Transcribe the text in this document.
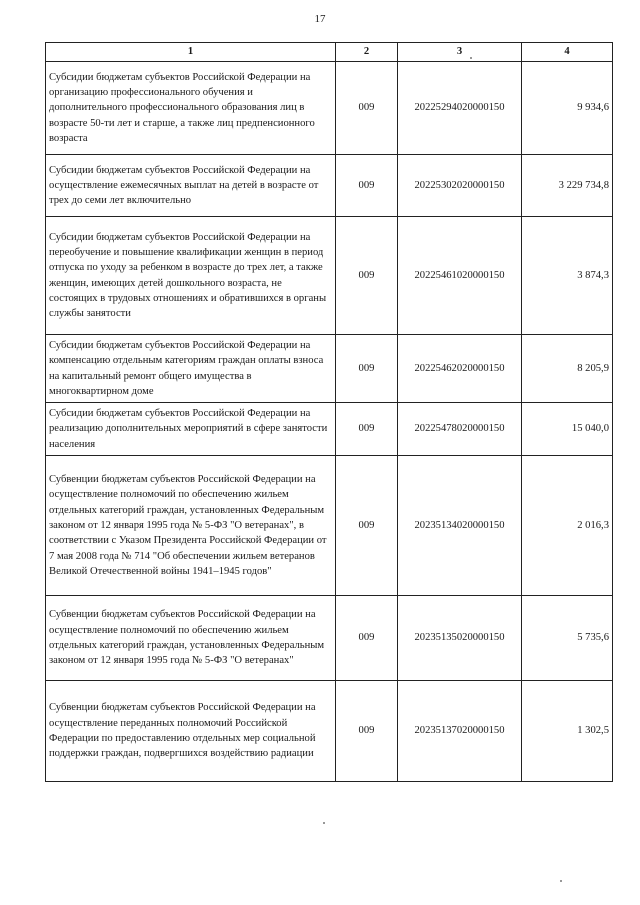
17
1	2	3	4
Субсидии бюджетам субъектов Российской Федерации на организацию профессионального обучения и дополнительного профессионального образования лиц в возрасте 50-ти лет и старше, а также лиц предпенсионного возраста	009	20225294020000150	9 934,6
Субсидии бюджетам субъектов Российской Федерации на осуществление ежемесячных выплат на детей в возрасте от трех до семи лет включительно	009	20225302020000150	3 229 734,8
Субсидии бюджетам субъектов Российской Федерации на переобучение и повышение квалификации женщин в период отпуска по уходу за ребенком в возрасте до трех лет, а также женщин, имеющих детей дошкольного возраста, не состоящих в трудовых отношениях и обратившихся в органы службы занятости	009	20225461020000150	3 874,3
Субсидии бюджетам субъектов Российской Федерации на компенсацию отдельным категориям граждан оплаты взноса на капитальный ремонт общего имущества в многоквартирном доме	009	20225462020000150	8 205,9
Субсидии бюджетам субъектов Российской Федерации на реализацию дополнительных мероприятий в сфере занятости населения	009	20225478020000150	15 040,0
Субвенции бюджетам субъектов Российской Федерации на осуществление полномочий по обеспечению жильем отдельных категорий граждан, установленных Федеральным законом от 12 января 1995 года № 5-ФЗ "О ветеранах", в соответствии с Указом Президента Российской Федерации от 7 мая 2008 года № 714 "Об обеспечении жильем ветеранов Великой Отечественной войны 1941–1945 годов"	009	20235134020000150	2 016,3
Субвенции бюджетам субъектов Российской Федерации на осуществление полномочий по обеспечению жильем отдельных категорий граждан, установленных Федеральным законом от 12 января 1995 года № 5-ФЗ "О ветеранах"	009	20235135020000150	5 735,6
Субвенции бюджетам субъектов Российской Федерации на осуществление переданных полномочий Российской Федерации по предоставлению отдельных мер социальной поддержки граждан, подвергшихся воздействию радиации	009	20235137020000150	1 302,5
